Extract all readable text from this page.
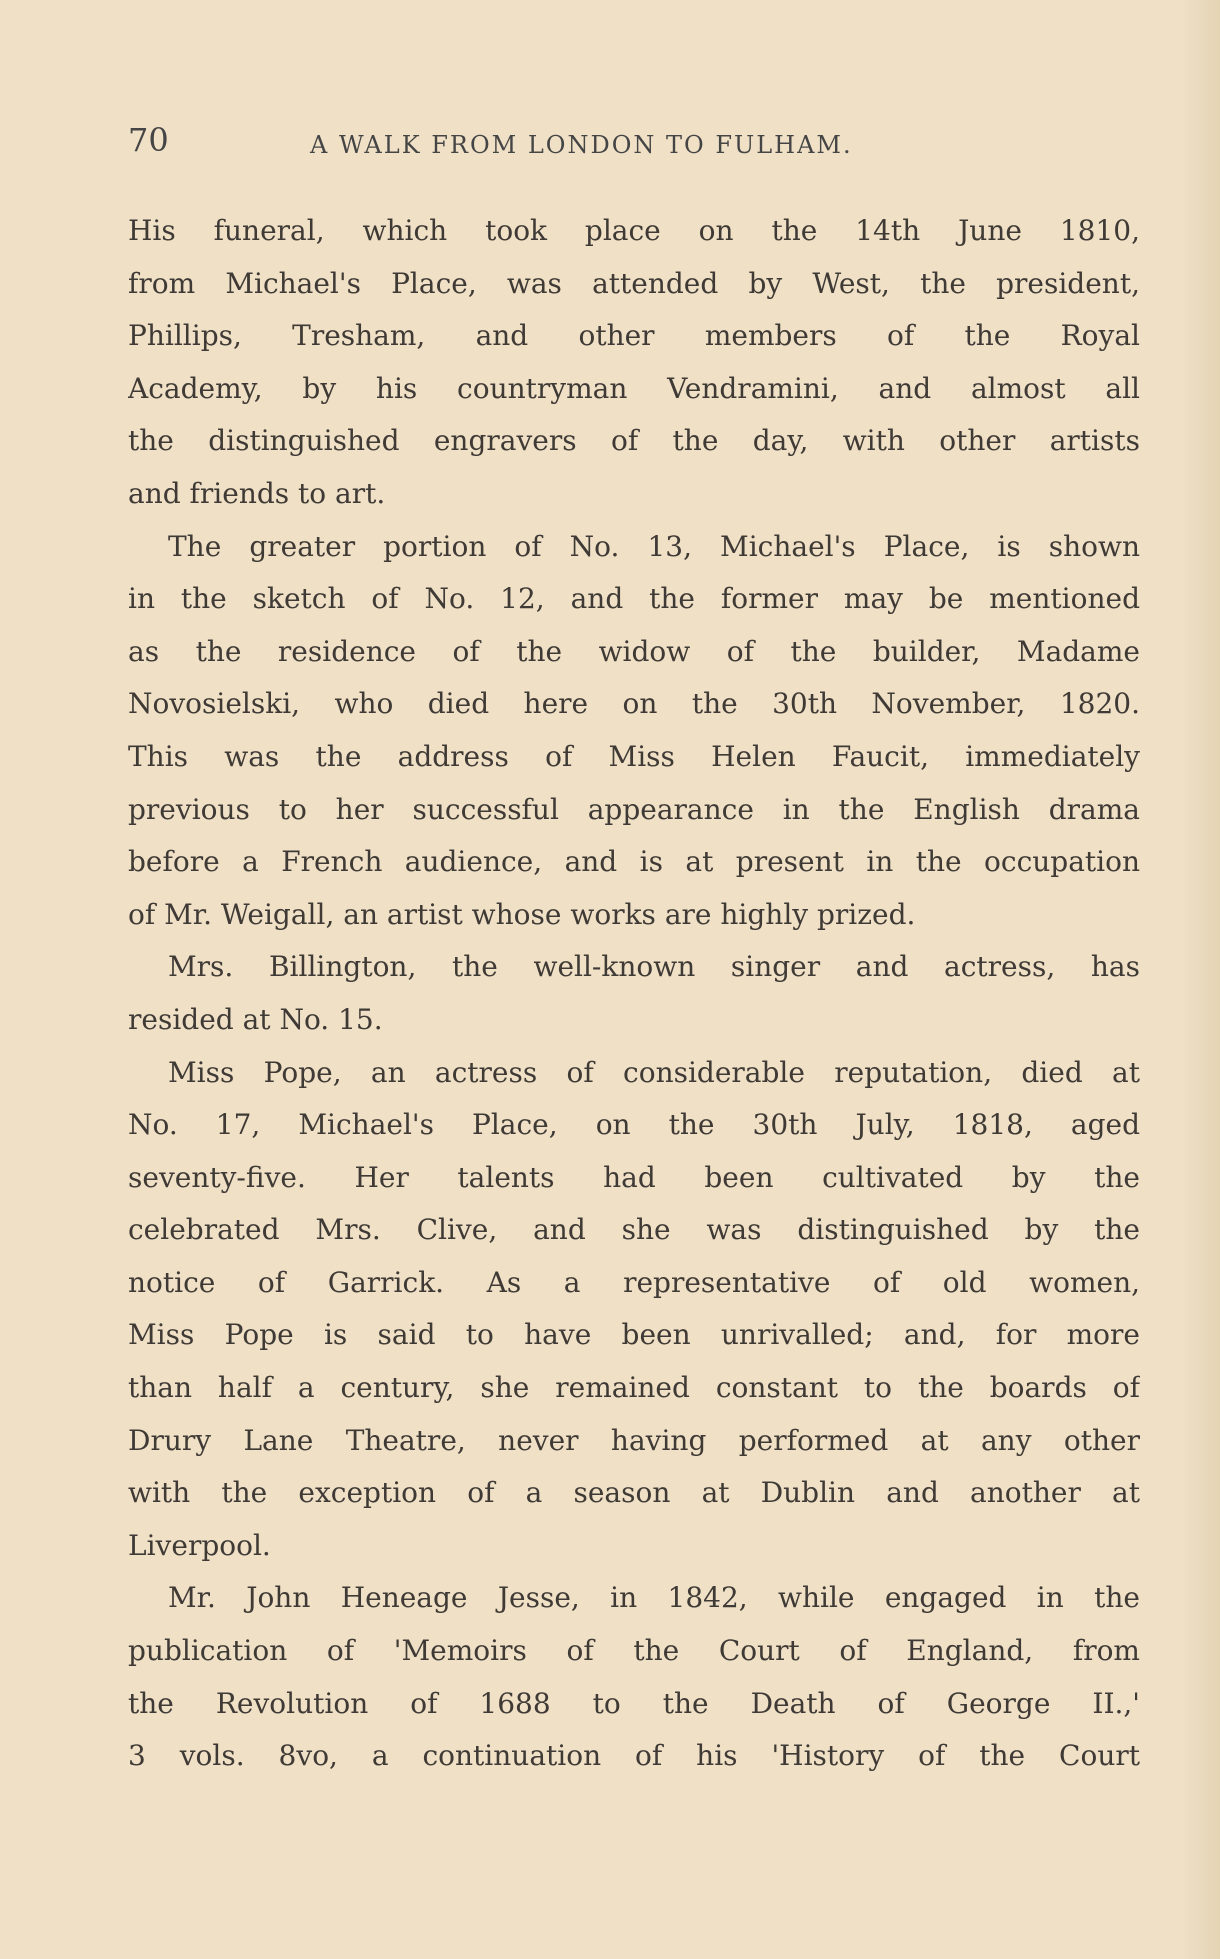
70	A WALK FROM LONDON TO FULHAM.
His funeral, which took place on the 14th June 1810,
from Michael's Place, was attended by West, the president,
Phillips, Tresham, and other members of the Royal
Academy, by his countryman Vendramini, and almost all
the distinguished engravers of the day, with other artists
and friends to art.
The greater portion of No. 13, Michael's Place, is shown
in the sketch of No. 12, and the former may be mentioned
as the residence of the widow of the builder, Madame
Novosielski, who died here on the 30th November, 1820.
This was the address of Miss Helen Faucit, immediately
previous to her successful appearance in the English drama
before a French audience, and is at present in the occupation
of Mr. Weigall, an artist whose works are highly prized.
Mrs. Billington, the well-known singer and actress, has
resided at No. 15.
Miss Pope, an actress of considerable reputation, died at
No. 17, Michael's Place, on the 30th July, 1818, aged
seventy-five. Her talents had been cultivated by the
celebrated Mrs. Clive, and she was distinguished by the
notice of Garrick. As a representative of old women,
Miss Pope is said to have been unrivalled; and, for more
than half a century, she remained constant to the boards of
Drury Lane Theatre, never having performed at any other
with the exception of a season at Dublin and another at
Liverpool.
Mr. John Heneage Jesse, in 1842, while engaged in the
publication of 'Memoirs of the Court of England, from
the Revolution of 1688 to the Death of George II.,'
3 vols. 8vo, a continuation of his 'History of the Court
